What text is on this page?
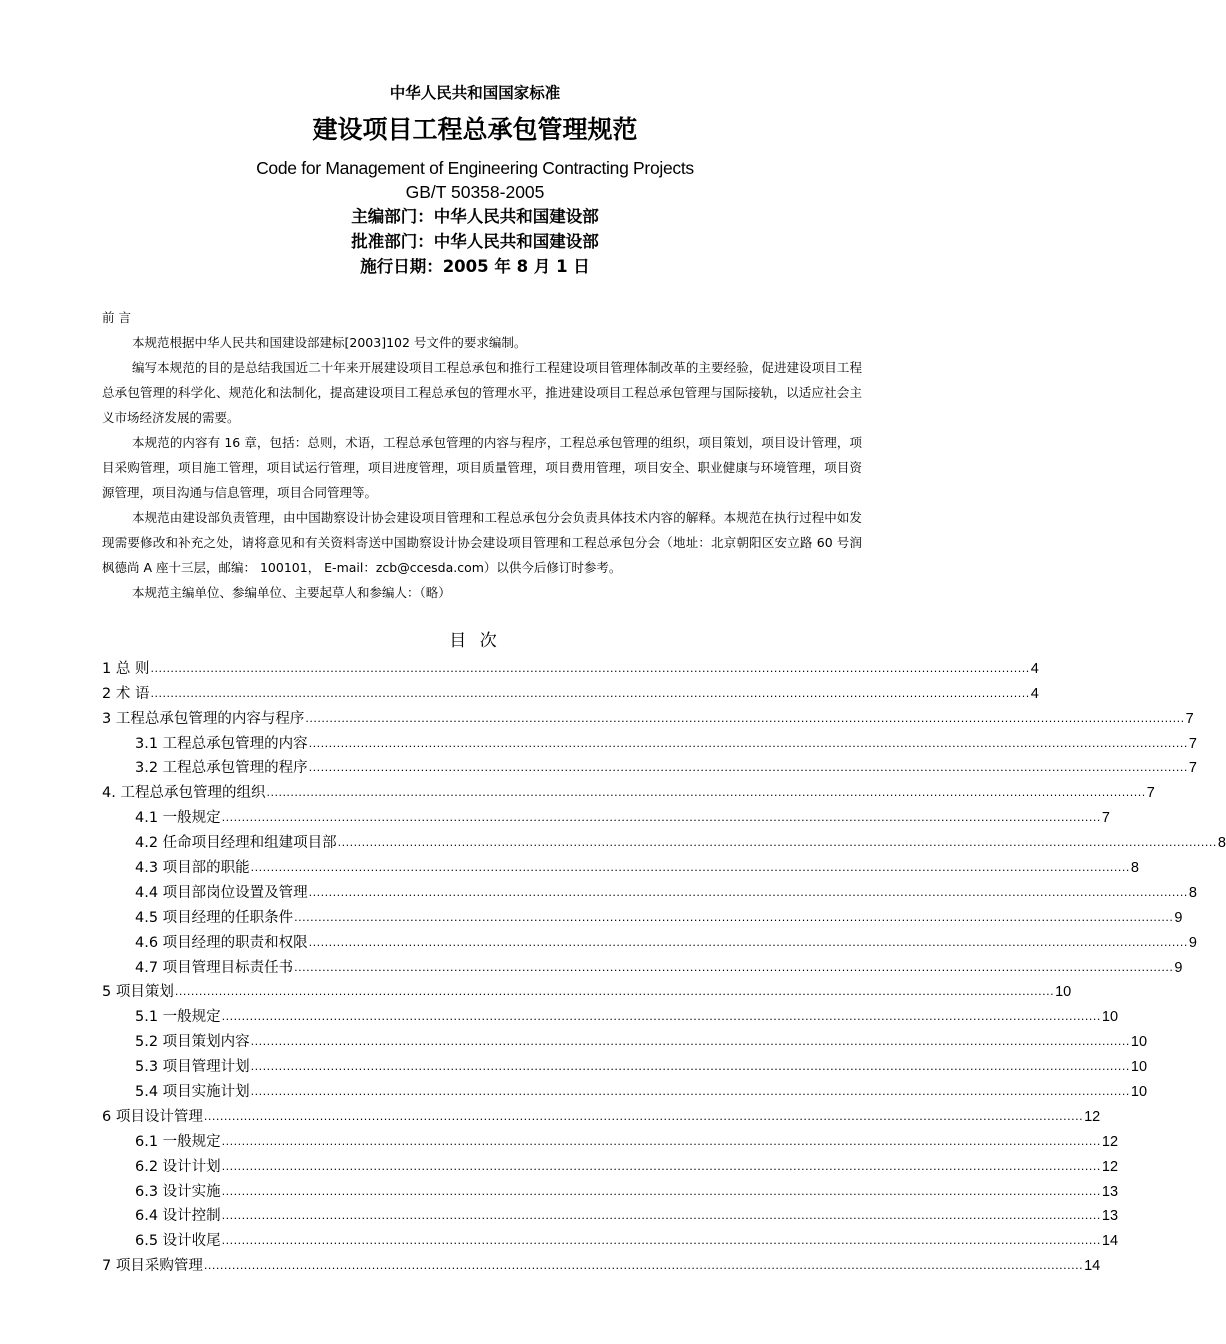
中华人民共和国国家标准
建设项目工程总承包管理规范
Code for Management of Engineering Contracting Projects
GB/T 50358-2005
主编部门：中华人民共和国建设部
批准部门：中华人民共和国建设部
施行日期：2005 年 8 月 1 日
前 言

本规范根据中华人民共和国建设部建标[2003]102 号文件的要求编制。

编写本规范的目的是总结我国近二十年来开展建设项目工程总承包和推行工程建设项目管理体制改革的主要经验，促进建设项目工程总承包管理的科学化、规范化和法制化，提高建设项目工程总承包的管理水平，推进建设项目工程总承包管理与国际接轨，以适应社会主义市场经济发展的需要。

本规范的内容有 16 章，包括：总则，术语，工程总承包管理的内容与程序，工程总承包管理的组织，项目策划，项目设计管理，项目采购管理，项目施工管理，项目试运行管理，项目进度管理，项目质量管理，项目费用管理，项目安全、职业健康与环境管理，项目资源管理，项目沟通与信息管理，项目合同管理等。

本规范由建设部负责管理，由中国勘察设计协会建设项目管理和工程总承包分会负责具体技术内容的解释。本规范在执行过程中如发现需要修改和补充之处，请将意见和有关资料寄送中国勘察设计协会建设项目管理和工程总承包分会（地址：北京朝阳区安立路 60 号润枫德尚 A 座十三层，邮编： 100101， E-mail：zcb@ccesda.com）以供今后修订时参考。

本规范主编单位、参编单位、主要起草人和参编人：（略）

目 次
1 总 则 ............................................................................................................................................................................................................................ 4
2 术 语 ............................................................................................................................................................................................................................ 4
3 工程总承包管理的内容与程序 ............................................................................................................................................................................................................................ 7
3.1 工程总承包管理的内容 ............................................................................................................................................................................................................................ 7
3.2 工程总承包管理的程序 ............................................................................................................................................................................................................................ 7
4. 工程总承包管理的组织 ............................................................................................................................................................................................................................ 7
4.1 一般规定 ............................................................................................................................................................................................................................ 7
4.2 任命项目经理和组建项目部 ............................................................................................................................................................................................................................ 8
4.3 项目部的职能 ............................................................................................................................................................................................................................ 8
4.4 项目部岗位设置及管理 ............................................................................................................................................................................................................................ 8
4.5 项目经理的任职条件 ............................................................................................................................................................................................................................ 9
4.6 项目经理的职责和权限 ............................................................................................................................................................................................................................ 9
4.7 项目管理目标责任书 ............................................................................................................................................................................................................................ 9
5 项目策划 ............................................................................................................................................................................................................................ 10
5.1 一般规定 ............................................................................................................................................................................................................................ 10
5.2 项目策划内容 ............................................................................................................................................................................................................................ 10
5.3 项目管理计划 ............................................................................................................................................................................................................................ 10
5.4 项目实施计划 ............................................................................................................................................................................................................................ 10
6 项目设计管理 ............................................................................................................................................................................................................................ 12
6.1 一般规定 ............................................................................................................................................................................................................................ 12
6.2 设计计划 ............................................................................................................................................................................................................................ 12
6.3 设计实施 ............................................................................................................................................................................................................................ 13
6.4 设计控制 ............................................................................................................................................................................................................................ 13
6.5 设计收尾 ............................................................................................................................................................................................................................ 14
7 项目采购管理 ............................................................................................................................................................................................................................ 14
